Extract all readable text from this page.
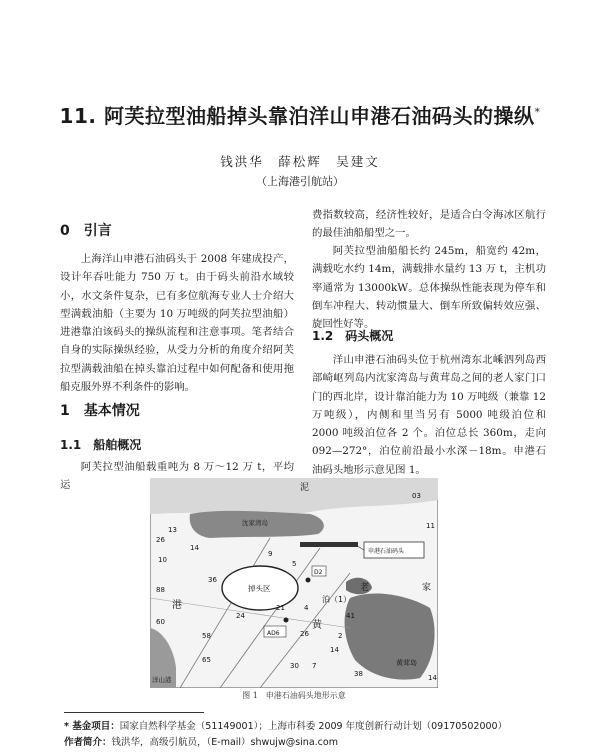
11. 阿芙拉型油船掉头靠泊洋山申港石油码头的操纵*
钱洪华　薛松辉　吴建文
（上海港引航站）
0 引言

上海洋山申港石油码头于 2008 年建成投产，设计年吞吐能力 750 万 t。由于码头前沿水域较小，水文条件复杂，已有多位航海专业人士介绍大型满载油船（主要为 10 万吨级的阿芙拉型油船）进港靠泊该码头的操纵流程和注意事项。笔者结合自身的实际操纵经验，从受力分析的角度介绍阿芙拉型满载油船在掉头靠泊过程中如何配备和使用拖船克服外界不利条件的影响。

1 基本情况
1.1 船舶概况

阿芙拉型油船载重吨为 8 万～12 万 t，平均运

费指数较高，经济性较好，是适合白令海冰区航行的最佳油船船型之一。

阿芙拉型油船船长约 245m，船宽约 42m，满载吃水约 14m，满载排水量约 13 万 t，主机功率通常为 13000kW。总体操纵性能表现为停车和倒车冲程大、转动惯量大、倒车所致偏转效应强、旋回性好等。

1.2 码头概况

洋山申港石油码头位于杭州湾东北嵊泗列岛西部崎岖列岛内沈家湾岛与黄茸岛之间的老人家门口门的西北岸，设计靠泊能力为 10 万吨级（兼靠 12 万吨级），内侧和里当另有 5000 吨级泊位和 2000 吨级泊位各 2 个。泊位总长 360m，走向 092—272°，泊位前沿最小水深－18m。申港石油码头地形示意见图 1。

泥
沈家湾岛
申港石油码头
掉头区
D2
AD6
港
老	家
泊（1）
黄
黄茸岛
洋山港
03
11
13
26
14
9
5
10
36
88
24
21
60
58
4
41
26	2
14
65
30 7
38	14
图 1　申港石油码头地形示意
* 基金项目：国家自然科学基金（51149001）；上海市科委 2009 年度创新行动计划（09170502000）
作者简介：钱洪华，高级引航员，（E-mail）shwujw@sina.com
